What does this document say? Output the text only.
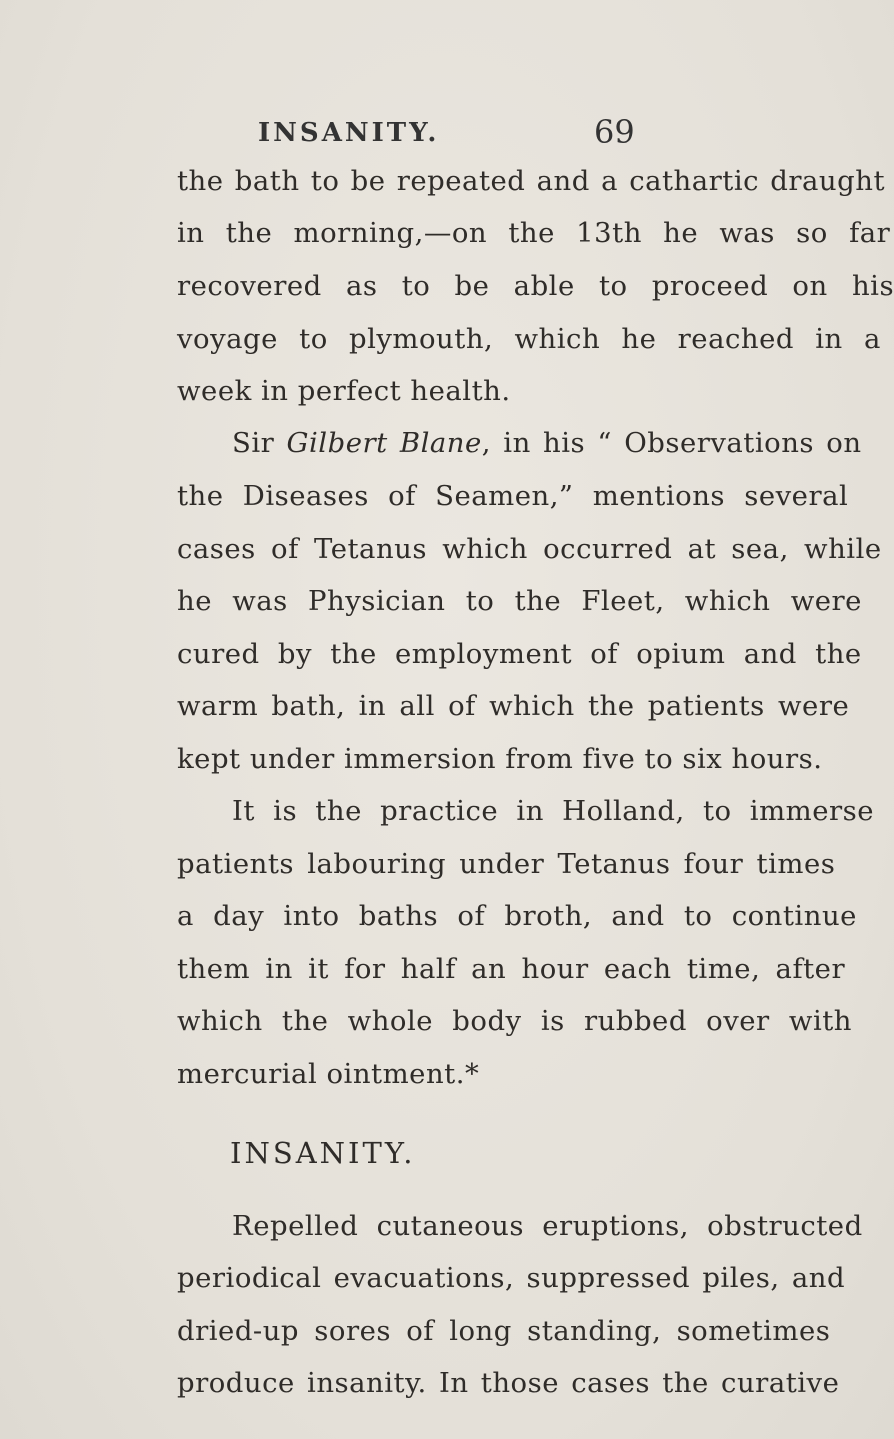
INSANITY.	69
the bath to be repeated and a cathartic draught
in the morning,—on the 13th he was so far
recovered as to be able to proceed on his
voyage to plymouth, which he reached in a
week in perfect health.
Sir Gilbert Blane, in his “ Observations on
the Diseases of Seamen,” mentions several
cases of Tetanus which occurred at sea, while
he was Physician to the Fleet, which were
cured by the employment of opium and the
warm bath, in all of which the patients were
kept under immersion from five to six hours.
It is the practice in Holland, to immerse
patients labouring under Tetanus four times
a day into baths of broth, and to continue
them in it for half an hour each time, after
which the whole body is rubbed over with
mercurial ointment.*
INSANITY.
Repelled cutaneous eruptions, obstructed
periodical evacuations, suppressed piles, and
dried-up sores of long standing, sometimes
produce insanity. In those cases the curative
